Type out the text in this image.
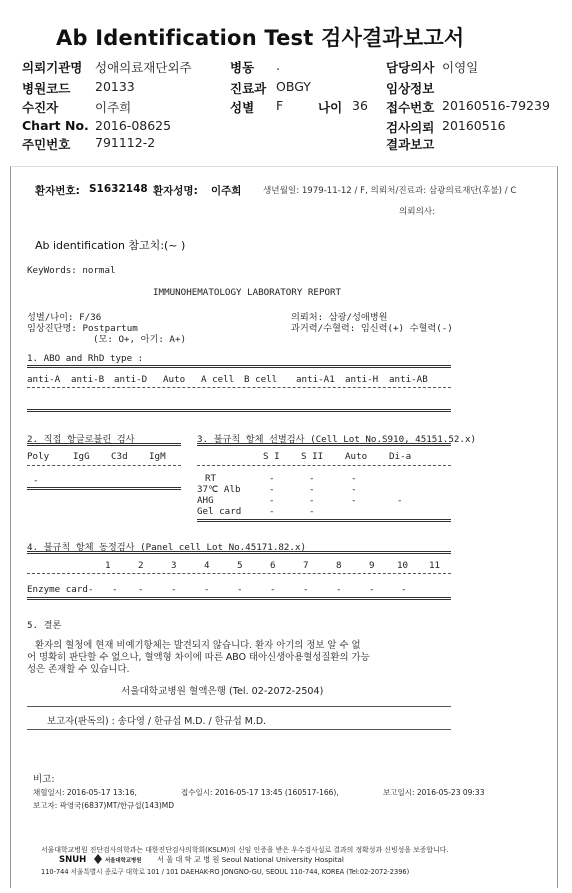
Ab Identification Test 검사결과보고서
의뢰기관명 성애의료재단외주	병동 .	담당의사 이영일
병원코드 20133	진료과 OBGY	임상정보
수진자	이주희	성별 F	나이 36 접수번호 20160516-79239
Chart No. 2016-08625	검사의뢰 20160516
주민번호 791112-2	결과보고
환자번호: S1632148 환자성명: 이주희	생년월일: 1979-11-12 / F, 의뢰처/진료과: 삼광의료재단(후불) / C
의뢰의사:
Ab identification 참고치:(~ )
KeyWords: normal
IMMUNOHEMATOLOGY LABORATORY REPORT
성별/나이: F/36	의뢰처: 삼광/성애병원
임상진단명: Postpartum	과거력/수혈력: 임신력(+) 수혈력(-)
(모: O+, 아기: A+)
1. ABO and RhD type :
anti-A anti-B anti-D Auto A cell B cell anti-A1 anti-H anti-AB
2. 직접 항글로불린 검사
Poly	IgG C3d IgM
-
3. 불규칙 항체 선별검사 (Cell Lot No.S910, 45151.52.x)
S I S II Auto Di-a
RT	-	-	-
37℃ Alb	-	-	-
AHG	-	-	-	-
Gel card	-	-
4. 불규칙 항체 동정검사 (Panel cell Lot No.45171.82.x)
1	2	3	4	5	6	7	8	9 10 11
Enzyme card - - -	-	-	-	-	-	-	-	-
5. 결론
환자의 혈청에 현재 비예기항체는 발견되지 않습니다. 환자 아기의 정보 알 수 없
어 명확히 판단할 수 없으나, 혈액형 차이에 따른 ABO 태아신생아용혈성질환의 가능
성은 존재할 수 있습니다.
서울대학교병원 혈액은행 (Tel. 02-2072-2504)
보고자(판독의) : 송다영 / 한규섭 M.D. / 한규섭 M.D.
비고:
채혈일시: 2016-05-17 13:16,	접수일시: 2016-05-17 13:45 (160517-166),	보고일시: 2016-05-23 09:33
보고자: 곽영국(6837)MT/한규섭(143)MD
서울대학교병원 진단검사의학과는 대한진단검사의학회(KSLM)의 신임 인증을 받은 우수검사실로 결과의 정확성과 신빙성을 보증합니다.
SNUH	서울대학교병원 서 울 대 학 교 병 원 Seoul National University Hospital
110-744 서울특별시 종로구 대학로 101 / 101 DAEHAK-RO JONGNO-GU, SEOUL 110-744, KOREA (Tel:02-2072-2396)
